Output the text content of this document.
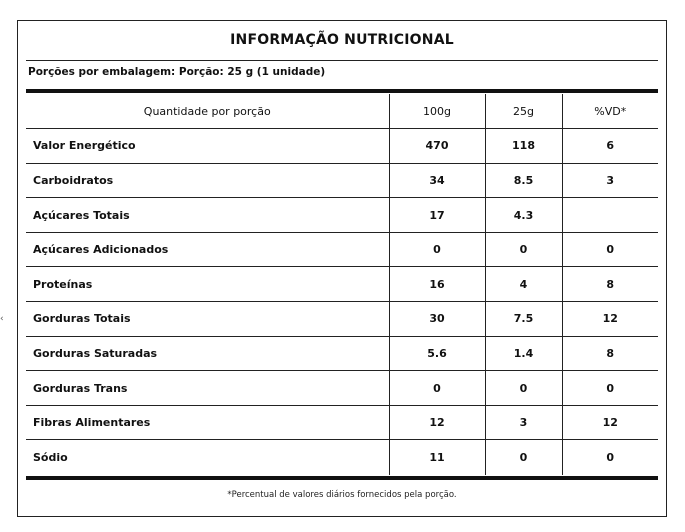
‹
INFORMAÇÃO NUTRICIONAL
Porções por embalagem: Porção: 25 g (1 unidade)
Quantidade por porção	100g	25g	%VD*
Valor Energético	470	118	6
Carboidratos	34	8.5	3
Açúcares Totais	17	4.3	
Açúcares Adicionados	0	0	0
Proteínas	16	4	8
Gorduras Totais	30	7.5	12
Gorduras Saturadas	5.6	1.4	8
Gorduras Trans	0	0	0
Fibras Alimentares	12	3	12
Sódio	11	0	0
*Percentual de valores diários fornecidos pela porção.
